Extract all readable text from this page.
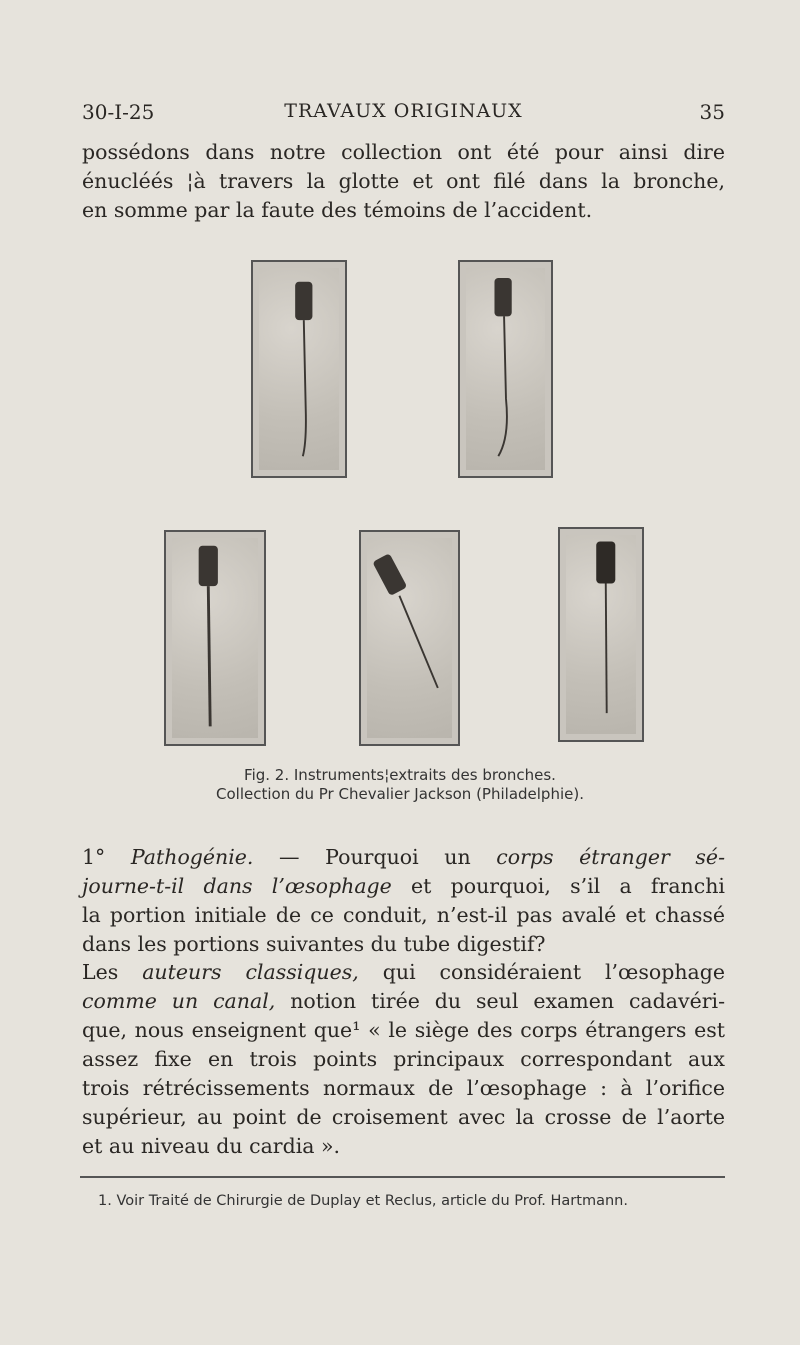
30-I-25	TRAVAUX ORIGINAUX	35
possédons dans notre collection ont été pour ainsi dire
énucléés ¦à travers la glotte et ont filé dans la bronche,
en somme par la faute des témoins de l’accident.
Fig. 2. Instruments¦extraits des bronches.
Collection du Pr Chevalier Jackson (Philadelphie).
1° Pathogénie. — Pourquoi un corps étranger sé-
journe-t-il dans l’œsophage et pourquoi, s’il a franchi
la portion initiale de ce conduit, n’est-il pas avalé et chassé
dans les portions suivantes du tube digestif?
Les auteurs classiques, qui considéraient l’œsophage
comme un canal, notion tirée du seul examen cadavéri-
que, nous enseignent que¹ « le siège des corps étrangers est
assez fixe en trois points principaux correspondant aux
trois rétrécissements normaux de l’œsophage : à l’orifice
supérieur, au point de croisement avec la crosse de l’aorte
et au niveau du cardia ».
1. Voir Traité de Chirurgie de Duplay et Reclus, article du Prof. Hartmann.
